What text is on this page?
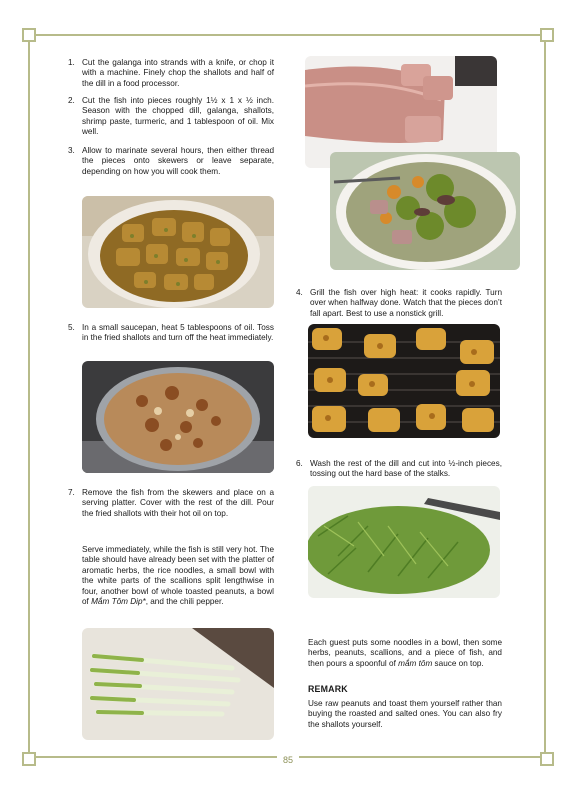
1. Cut the galanga into strands with a knife, or chop it with a machine. Finely chop the shallots and half of the dill in a food processor.
2. Cut the fish into pieces roughly 1½ x 1 x ½ inch. Season with the chopped dill, galanga, shallots, shrimp paste, turmeric, and 1 tablespoon of oil. Mix well.
3. Allow to marinate several hours, then either thread the pieces onto skewers or leave separate, depending on how you will cook them.
5. In a small saucepan, heat 5 tablespoons of oil. Toss in the fried shallots and turn off the heat immediately.
7. Remove the fish from the skewers and place on a serving platter. Cover with the rest of the dill. Pour the fried shallots with their hot oil on top.
Serve immediately, while the fish is still very hot. The table should have already been set with the platter of aromatic herbs, the rice noodles, a small bowl with the white parts of the scallions split lengthwise in four, another bowl of whole toasted peanuts, a bowl of Mắm Tôm Dip*, and the chili pepper.
4. Grill the fish over high heat: it cooks rapidly. Turn over when halfway done. Watch that the pieces don’t fall apart. Best to use a nonstick grill.
6. Wash the rest of the dill and cut into ½-inch pieces, tossing out the hard base of the stalks.
Each guest puts some noodles in a bowl, then some herbs, peanuts, scallions, and a piece of fish, and then pours a spoonful of mắm tôm sauce on top.
REMARK
Use raw peanuts and toast them yourself rather than buying the roasted and salted ones. You can also fry the shallots yourself.
85
